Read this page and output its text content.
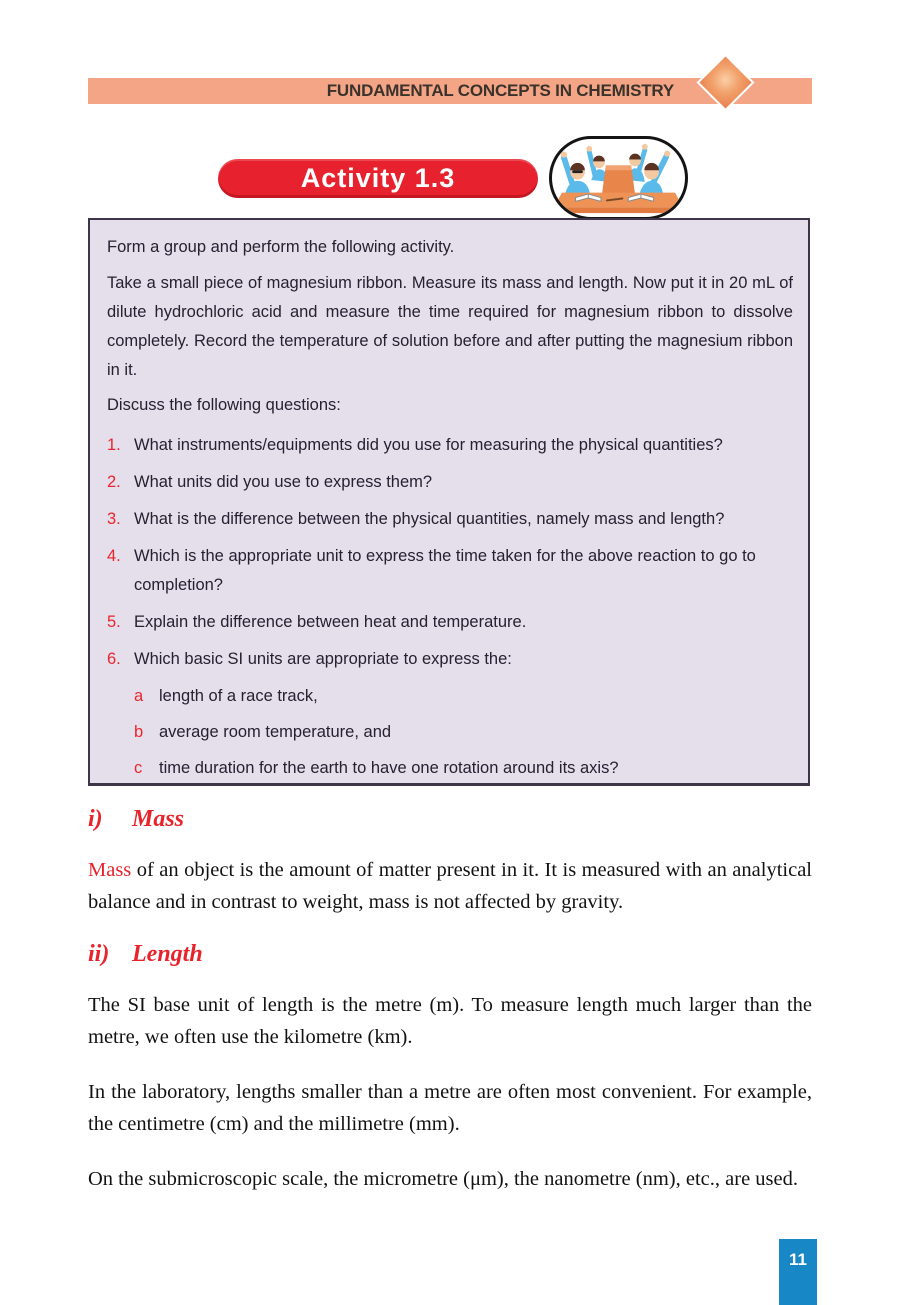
FUNDAMENTAL CONCEPTS IN CHEMISTRY
Activity 1.3

Form a group and perform the following activity.

Take a small piece of magnesium ribbon. Measure its mass and length. Now put it in 20 mL of dilute hydrochloric acid and measure the time required for magnesium ribbon to dissolve completely. Record the temperature of solution before and after putting the magnesium ribbon in it.

Discuss the following questions:

1. What instruments/equipments did you use for measuring the physical quantities?
2. What units did you use to express them?
3. What is the difference between the physical quantities, namely mass and length?
4. Which is the appropriate unit to express the time taken for the above reaction to go to completion?
5. Explain the difference between heat and temperature.
6. Which basic SI units are appropriate to express the:
a length of a race track,
b average room temperature, and
c	time duration for the earth to have one rotation around its axis?
i) Mass

Mass of an object is the amount of matter present in it. It is measured with an analytical balance and in contrast to weight, mass is not affected by gravity.

ii) Length

The SI base unit of length is the metre (m). To measure length much larger than the metre, we often use the kilometre (km).

In the laboratory, lengths smaller than a metre are often most convenient. For example, the centimetre (cm) and the millimetre (mm).

On the submicroscopic scale, the micrometre (μm), the nanometre (nm), etc., are used.

11
